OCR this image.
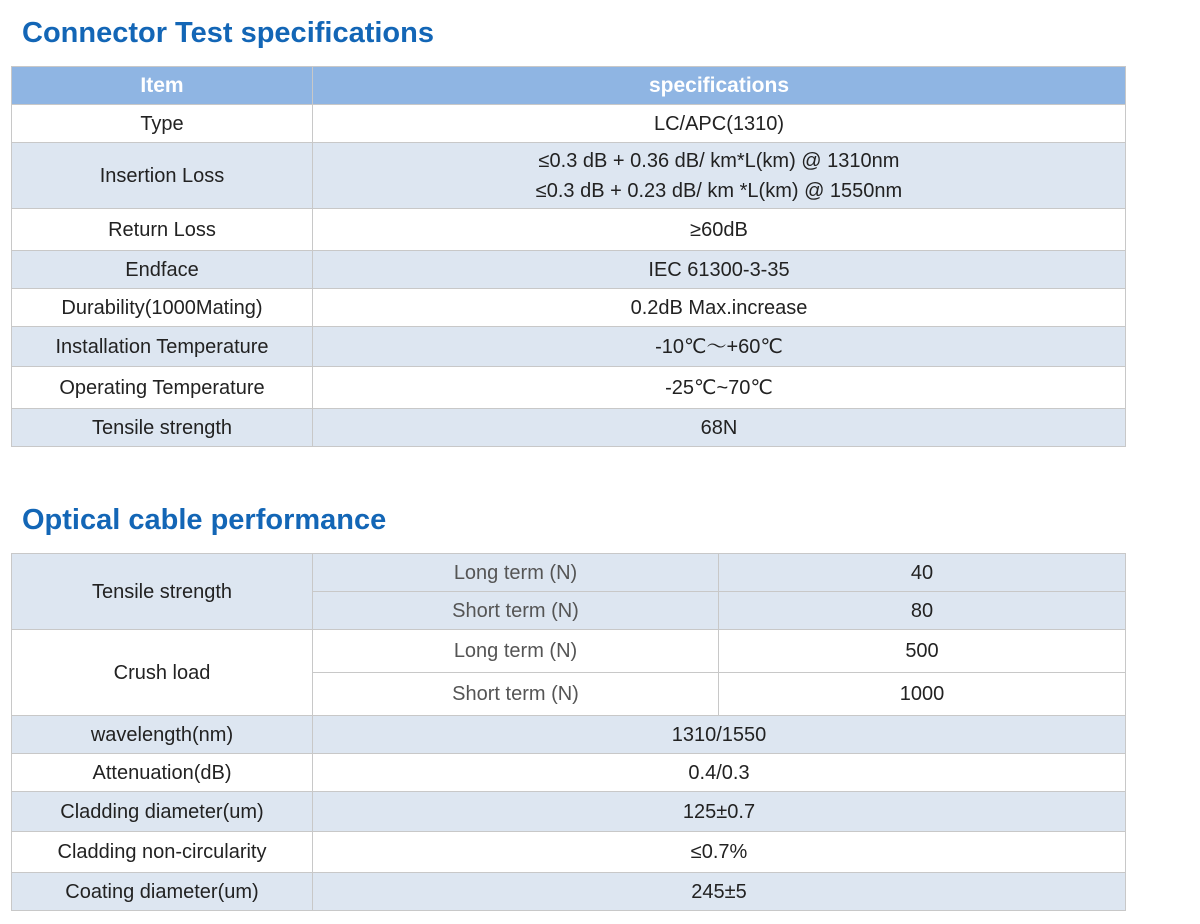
Connector Test specifications
Item	specifications
Type	LC/APC(1310)
Insertion Loss	≤0.3 dB + 0.36 dB/ km*L(km) @ 1310nm
≤0.3 dB + 0.23 dB/ km *L(km) @ 1550nm

Return Loss	≥60dB
Endface	IEC 61300-3-35
Durability(1000Mating)	0.2dB Max.increase
Installation Temperature	-10℃～+60℃
Operating Temperature	-25℃~70℃
Tensile strength	68N
Optical cable performance
Tensile strength	Long term (N)	40
	Short term (N)	80
Crush load	Long term (N)	500
	Short term (N)	1000
wavelength(nm)	1310/1550	
Attenuation(dB)	0.4/0.3	
Cladding diameter(um)	125±0.7	
Cladding non-circularity	≤0.7%	
Coating diameter(um)	245±5	
